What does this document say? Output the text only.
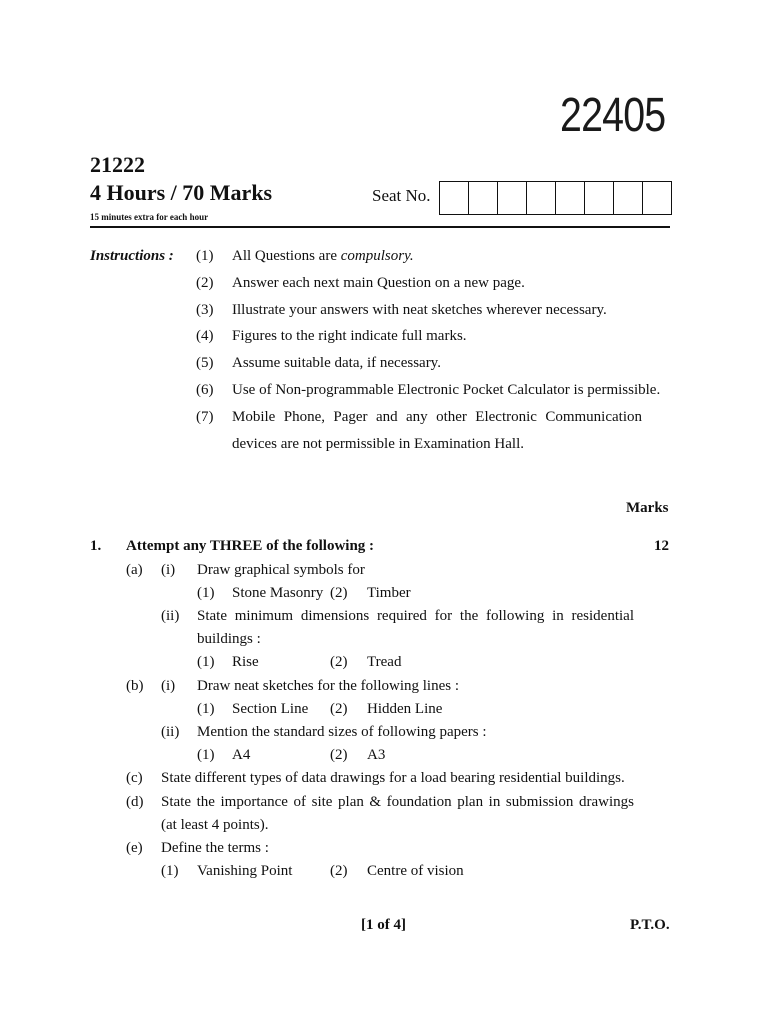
22405
21222
4 Hours / 70 Marks
15 minutes extra for each hour
Seat No.
Instructions : (1) All Questions are compulsory.
(2) Answer each next main Question on a new page.
(3) Illustrate your answers with neat sketches wherever necessary.
(4) Figures to the right indicate full marks.
(5) Assume suitable data, if necessary.
(6) Use of Non-programmable Electronic Pocket Calculator is permissible.
(7) Mobile Phone, Pager and any other Electronic Communication
devices are not permissible in Examination Hall.
Marks
1. Attempt any THREE of the following :	12
(a) (i) Draw graphical symbols for
(1) Stone Masonry (2) Timber
(ii) State minimum dimensions required for the following in residential
buildings :
(1) Rise	(2) Tread
(b) (i) Draw neat sketches for the following lines :
(1) Section Line (2) Hidden Line
(ii) Mention the standard sizes of following papers :
(1) A4	(2) A3
(c) State different types of data drawings for a load bearing residential buildings.
(d) State the importance of site plan & foundation plan in submission drawings
(at least 4 points).
(e) Define the terms :
(1) Vanishing Point	(2) Centre of vision
[1 of 4]	P.T.O.
